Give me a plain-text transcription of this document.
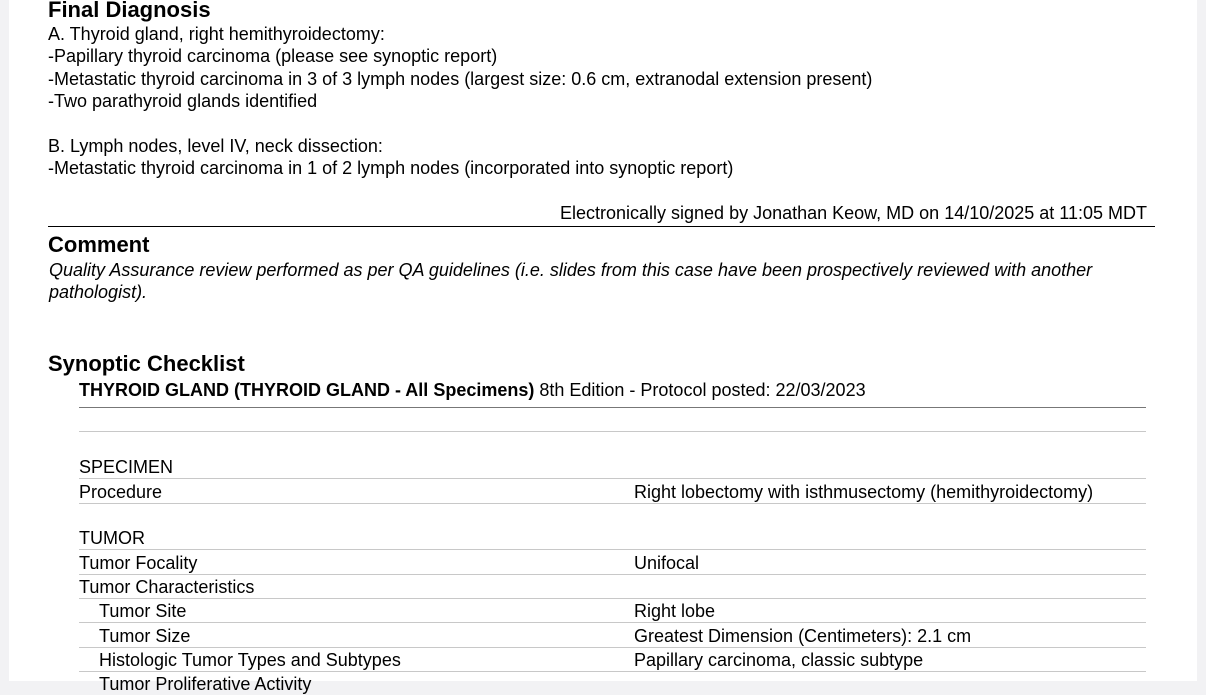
Final Diagnosis
A. Thyroid gland, right hemithyroidectomy:
-Papillary thyroid carcinoma (please see synoptic report)
-Metastatic thyroid carcinoma in 3 of 3 lymph nodes (largest size: 0.6 cm, extranodal extension present)
-Two parathyroid glands identified
B. Lymph nodes, level IV, neck dissection:
-Metastatic thyroid carcinoma in 1 of 2 lymph nodes (incorporated into synoptic report)
Electronically signed by Jonathan Keow, MD on 14/10/2025 at 11:05 MDT
Comment
Quality Assurance review performed as per QA guidelines (i.e. slides from this case have been prospectively reviewed with another pathologist).
Synoptic Checklist
THYROID GLAND (THYROID GLAND - All Specimens) 8th Edition - Protocol posted: 22/03/2023
SPECIMEN
Procedure	Right lobectomy with isthmusectomy (hemithyroidectomy)
TUMOR
Tumor Focality	Unifocal
Tumor Characteristics
Tumor Site	Right lobe
Tumor Size	Greatest Dimension (Centimeters): 2.1 cm
Histologic Tumor Types and Subtypes	Papillary carcinoma, classic subtype
Tumor Proliferative Activity
